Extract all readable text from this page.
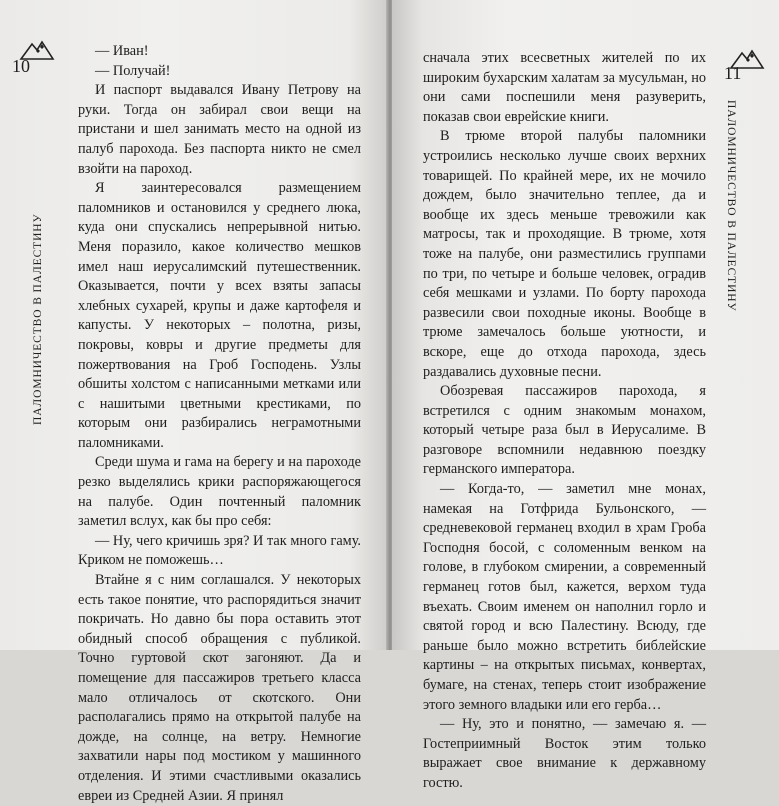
10
ПАЛОМНИЧЕСТВО В ПАЛЕСТИНУ

— Иван!

— Получай!

И паспорт выдавался Ивану Петрову на руки. Тогда он забирал свои вещи на пристани и шел занимать место на одной из палуб парохода. Без паспорта никто не смел взойти на пароход.

Я заинтересовался размещением паломников и остановился у среднего люка, куда они спускались непрерывной нитью. Меня поразило, какое количество мешков имел наш иерусалимский путешественник. Оказывается, почти у всех взяты запасы хлебных сухарей, крупы и даже картофеля и капусты. У некоторых – полотна, ризы, покровы, ковры и другие предметы для пожертвования на Гроб Господень. Узлы обшиты холстом с написанными метками или с нашитыми цветными крестиками, по которым они разбирались неграмотными паломниками.

Среди шума и гама на берегу и на пароходе резко выделялись крики распоряжающегося на палубе. Один почтенный паломник заметил вслух, как бы про себя:

— Ну, чего кричишь зря? И так много гаму. Криком не поможешь…

Втайне я с ним соглашался. У некоторых есть такое понятие, что распорядиться значит покричать. Но давно бы пора оставить этот обидный способ обращения с публикой. Точно гуртовой скот загоняют. Да и помещение для пассажиров третьего класса мало отличалось от скотского. Они располагались прямо на открытой палубе на дожде, на солнце, на ветру. Немногие захватили нары под мостиком у машинного отделения. И этими счастливыми оказались евреи из Средней Азии. Я принял

11
ПАЛОМНИЧЕСТВО В ПАЛЕСТИНУ

сначала этих всесветных жителей по их широким бухарским халатам за мусульман, но они сами поспешили меня разуверить, показав свои еврейские книги.

В трюме второй палубы паломники устроились несколько лучше своих верхних товарищей. По крайней мере, их не мочило дождем, было значительно теплее, да и вообще их здесь меньше тревожили как матросы, так и проходящие. В трюме, хотя тоже на палубе, они разместились группами по три, по четыре и больше человек, оградив себя мешками и узлами. По борту парохода развесили свои походные иконы. Вообще в трюме замечалось больше уютности, и вскоре, еще до отхода парохода, здесь раздавались духовные песни.

Обозревая пассажиров парохода, я встретился с одним знакомым монахом, который четыре раза был в Иерусалиме. В разговоре вспомнили недавнюю поездку германского императора.

— Когда-то, — заметил мне монах, намекая на Готфрида Бульонского, — средневековой германец входил в храм Гроба Господня босой, с соломенным венком на голове, в глубоком смирении, а современный германец готов был, кажется, верхом туда въехать. Своим именем он наполнил горло и святой город и всю Палестину. Всюду, где раньше было можно встретить библейские картины – на открытых письмах, конвертах, бумаге, на стенах, теперь стоит изображение этого земного владыки или его герба…

— Ну, это и понятно, — замечаю я. — Гостеприимный Восток этим только выражает свое внимание к державному гостю.
